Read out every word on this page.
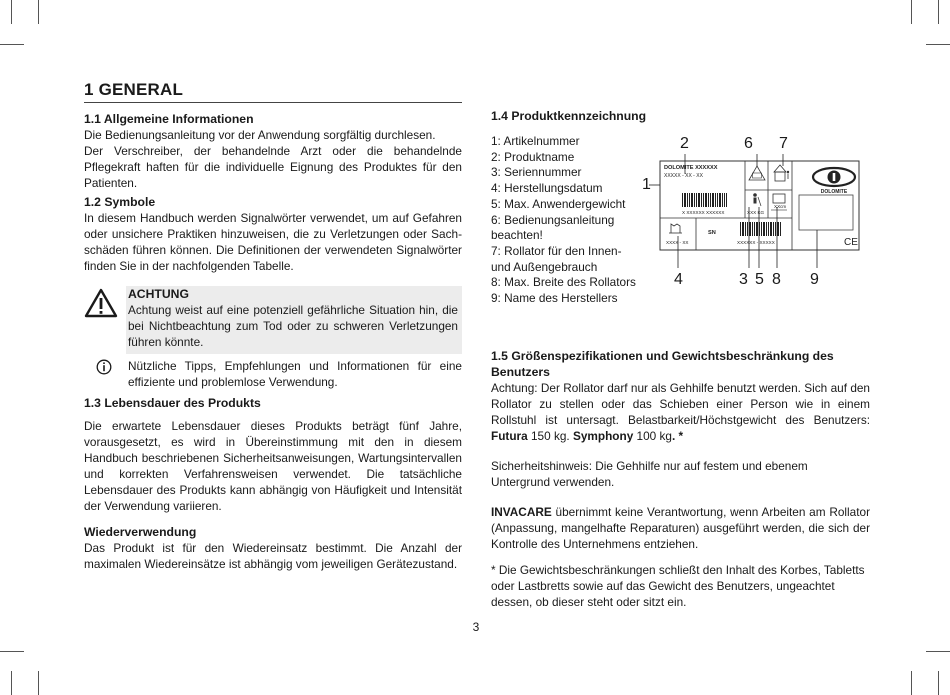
1 GENERAL
1.1 Allgemeine Informationen

Die Bedienungsanleitung vor der Anwendung sorgfältig durchlesen.

Der Verschreiber, der behandelnde Arzt oder die behandelnde Pflegekraft haften für die individuelle Eignung des Produktes für den Patienten.

1.2 Symbole

In diesem Handbuch werden Signalwörter verwendet, um auf Gefahren oder unsichere Praktiken hinzuweisen, die zu Verletzungen oder Sach-schäden führen können. Die Definitionen der verwendeten Signalwörter finden Sie in der nachfolgenden Tabelle.

ACHTUNG

Achtung weist auf eine potenziell gefährliche Situation hin, die bei Nichtbeachtung zum Tod oder zu schweren Verletzungen führen könnte.

Nützliche Tipps, Empfehlungen und Informationen für eine effiziente und problemlose Verwendung.

1.3 Lebensdauer des Produkts

Die erwartete Lebensdauer dieses Produkts beträgt fünf Jahre, vorausgesetzt, es wird in Übereinstimmung mit den in diesem Handbuch beschriebenen Sicherheitsanweisungen, Wartungsintervallen und korrekten Verfahrensweisen verwendet. Die tatsächliche Lebensdauer des Produkts kann abhängig von Häufigkeit und Intensität der Verwendung variieren.

Wiederverwendung

Das Produkt ist für den Wiedereinsatz bestimmt. Die Anzahl der maximalen Wiedereinsätze ist abhängig vom jeweiligen Gerätezustand.

1.4 Produktkennzeichnung
1: Artikelnummer
2: Produktname
3: Seriennummer
4: Herstellungsdatum
5: Max. Anwendergewicht
6: Bedienungsanleitung beachten!
7: Rollator für den Innen- und Außengebrauch
8: Max. Breite des Rollators
9: Name des Herstellers
DOLOMITE XXXXXX
XXXXX - XX - XX
X XXXXXX XXXXXX	XXX KG
XXcm
XXXX - XX
SN
XXXXXX - XXXXX
DOLOMITE
CE
1
2	6 7
4	3 5 8 9
1.5 Größenspezifikationen und Gewichtsbeschränkung des Benutzers

Achtung: Der Rollator darf nur als Gehhilfe benutzt werden. Sich auf den Rollator zu stellen oder das Schieben einer Person wie in einem Rollstuhl ist untersagt. Belastbarkeit/Höchstgewicht des Benutzers: Futura 150 kg. Symphony 100 kg. *

Sicherheitshinweis: Die Gehhilfe nur auf festem und ebenem Untergrund verwenden.

INVACARE übernimmt keine Verantwortung, wenn Arbeiten am Rollator (Anpassung, mangelhafte Reparaturen) ausgeführt werden, die sich der Kontrolle des Unternehmens entziehen.

* Die Gewichtsbeschränkungen schließt den Inhalt des Korbes, Tabletts oder Lastbretts sowie auf das Gewicht des Benutzers, ungeachtet dessen, ob dieser steht oder sitzt ein.

3
